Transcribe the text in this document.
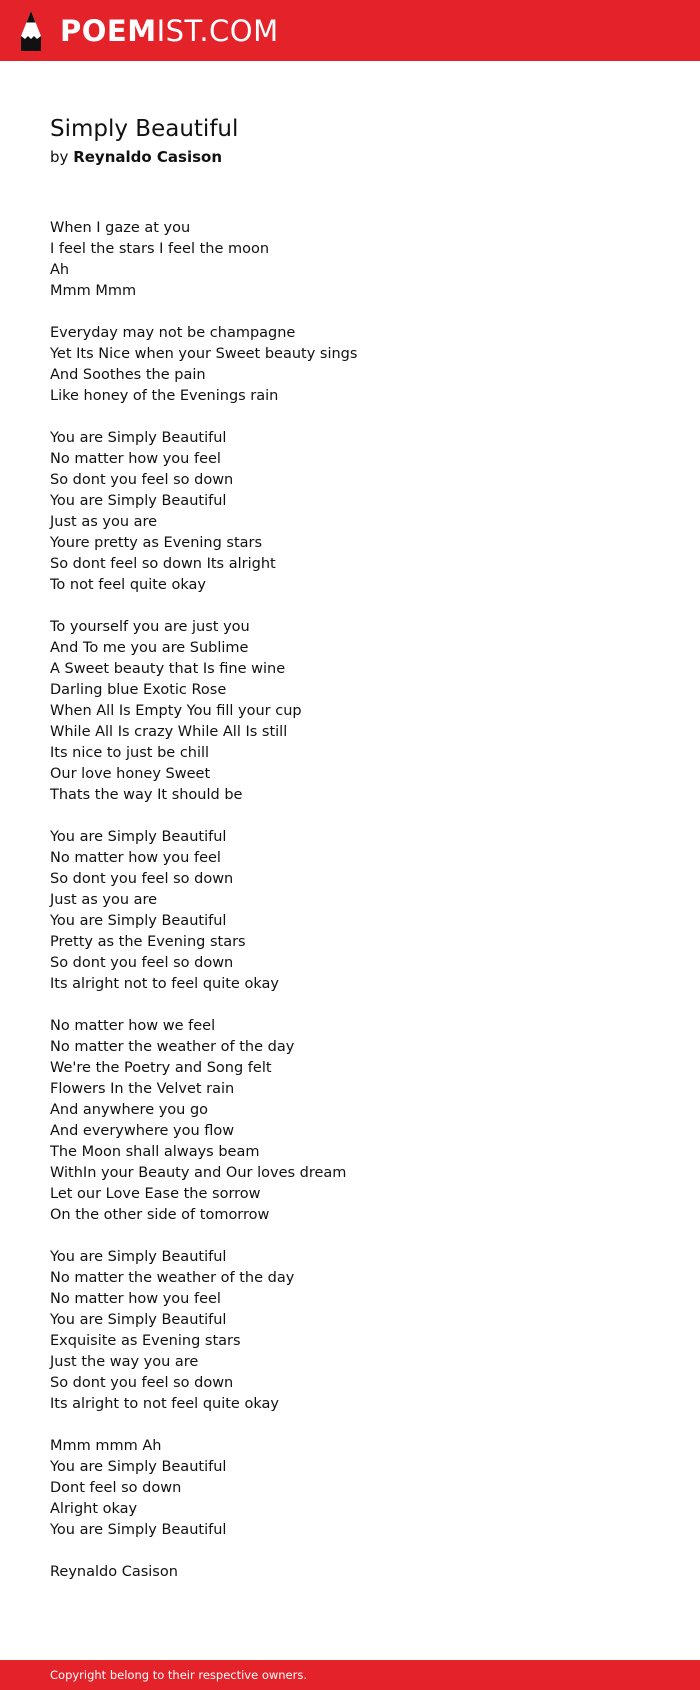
POEMIST.COM
Simply Beautiful

by Reynaldo Casison

When I gaze at you
I feel the stars I feel the moon
Ah
Mmm Mmm
Everyday may not be champagne
Yet Its Nice when your Sweet beauty sings
And Soothes the pain
Like honey of the Evenings rain
You are Simply Beautiful
No matter how you feel
So dont you feel so down
You are Simply Beautiful
Just as you are
Youre pretty as Evening stars
So dont feel so down Its alright
To not feel quite okay
To yourself you are just you
And To me you are Sublime
A Sweet beauty that Is fine wine
Darling blue Exotic Rose
When All Is Empty You fill your cup
While All Is crazy While All Is still
Its nice to just be chill
Our love honey Sweet
Thats the way It should be
You are Simply Beautiful
No matter how you feel
So dont you feel so down
Just as you are
You are Simply Beautiful
Pretty as the Evening stars
So dont you feel so down
Its alright not to feel quite okay
No matter how we feel
No matter the weather of the day
We're the Poetry and Song felt
Flowers In the Velvet rain
And anywhere you go
And everywhere you flow
The Moon shall always beam
WithIn your Beauty and Our loves dream
Let our Love Ease the sorrow
On the other side of tomorrow
You are Simply Beautiful
No matter the weather of the day
No matter how you feel
You are Simply Beautiful
Exquisite as Evening stars
Just the way you are
So dont you feel so down
Its alright to not feel quite okay
Mmm mmm Ah
You are Simply Beautiful
Dont feel so down
Alright okay
You are Simply Beautiful
Reynaldo Casison
Copyright belong to their respective owners.
